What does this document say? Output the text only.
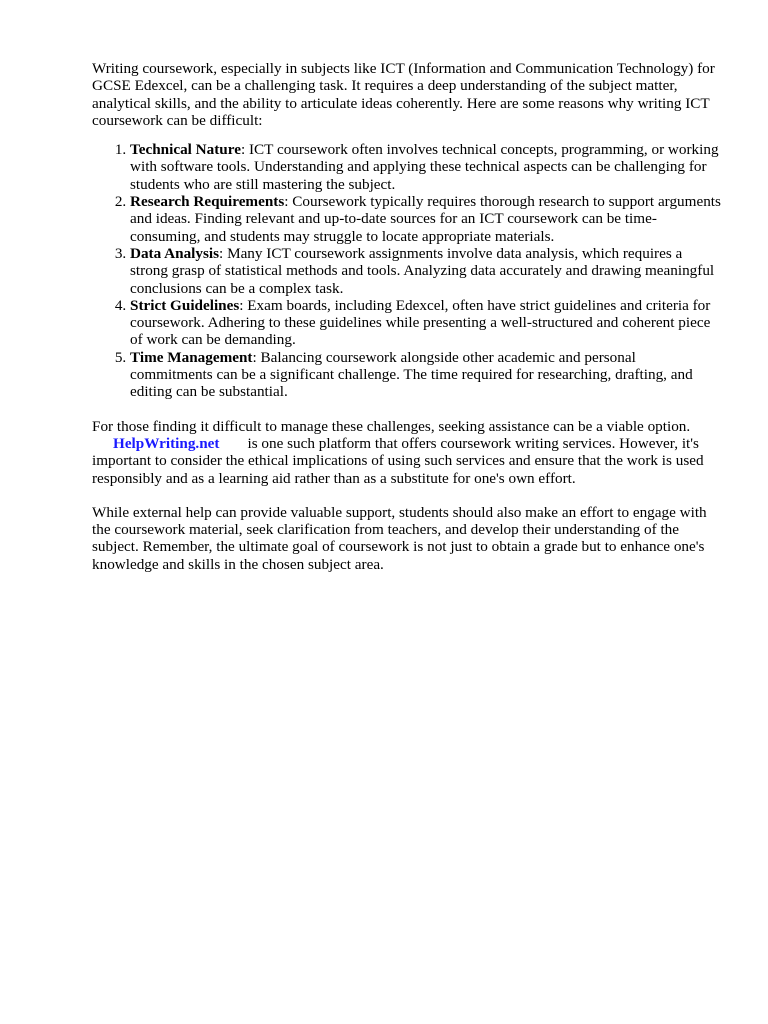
Writing coursework, especially in subjects like ICT (Information and Communication Technology) for GCSE Edexcel, can be a challenging task. It requires a deep understanding of the subject matter, analytical skills, and the ability to articulate ideas coherently. Here are some reasons why writing ICT coursework can be difficult:

1. Technical Nature: ICT coursework often involves technical concepts, programming, or working with software tools. Understanding and applying these technical aspects can be challenging for students who are still mastering the subject.
2. Research Requirements: Coursework typically requires thorough research to support arguments and ideas. Finding relevant and up-to-date sources for an ICT coursework can be time-consuming, and students may struggle to locate appropriate materials.
3. Data Analysis: Many ICT coursework assignments involve data analysis, which requires a strong grasp of statistical methods and tools. Analyzing data accurately and drawing meaningful conclusions can be a complex task.
4. Strict Guidelines: Exam boards, including Edexcel, often have strict guidelines and criteria for coursework. Adhering to these guidelines while presenting a well-structured and coherent piece of work can be demanding.
5. Time Management: Balancing coursework alongside other academic and personal commitments can be a significant challenge. The time required for researching, drafting, and editing can be substantial.

For those finding it difficult to manage these challenges, seeking assistance can be a viable option.
HelpWriting.net is one such platform that offers coursework writing services. However, it's important to consider the ethical implications of using such services and ensure that the work is used responsibly and as a learning aid rather than as a substitute for one's own effort.

While external help can provide valuable support, students should also make an effort to engage with the coursework material, seek clarification from teachers, and develop their understanding of the subject. Remember, the ultimate goal of coursework is not just to obtain a grade but to enhance one's knowledge and skills in the chosen subject area.
